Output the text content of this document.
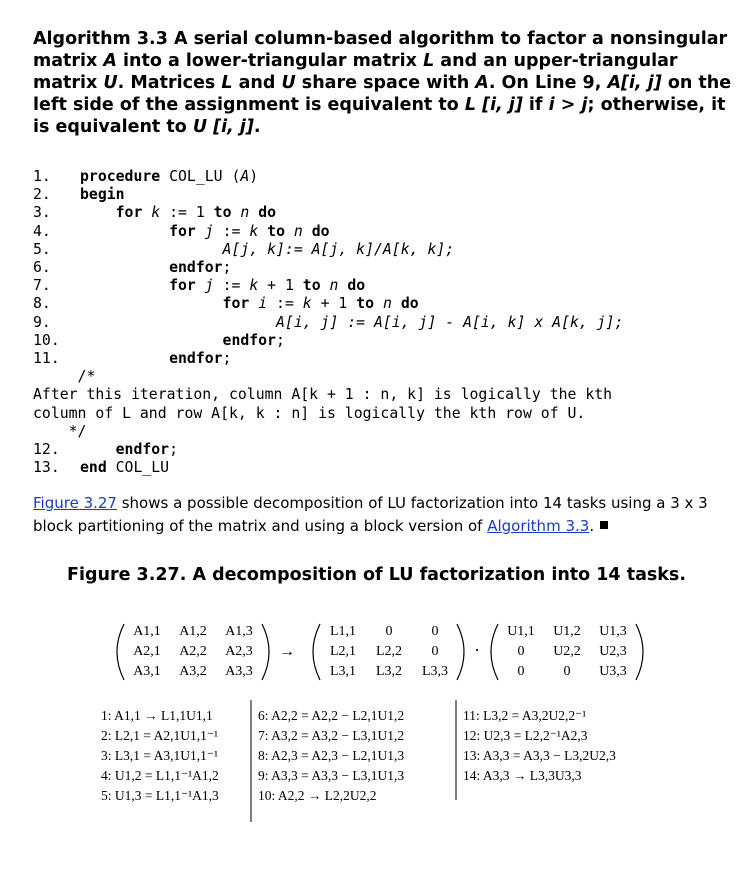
Algorithm 3.3 A serial column-based algorithm to factor a nonsingular matrix A into a lower-triangular matrix L and an upper-triangular matrix U. Matrices L and U share space with A. On Line 9, A[i, j] on the left side of the assignment is equivalent to L [i, j] if i > j; otherwise, it is equivalent to U [i, j].
1. procedure COL_LU (A)
2. begin
3.	for k := 1 to n do
4.	for j := k to n do
5.	A[j, k]:= A[j, k]/A[k, k];
6.	endfor;
7.	for j := k + 1 to n do
8.	for i := k + 1 to n do
9.	A[i, j] := A[i, j] - A[i, k] x A[k, j];
10.	endfor;
11.	endfor;
/*
After this iteration, column A[k + 1 : n, k] is logically the kth
column of L and row A[k, k : n] is logically the kth row of U.
*/
12.	endfor;
13. end COL_LU
Figure 3.27 shows a possible decomposition of LU factorization into 14 tasks using a 3 x 3 block partitioning of the matrix and using a block version of Algorithm 3.3.
Figure 3.27. A decomposition of LU factorization into 14 tasks.
A1,1 A1,2 A1,3
A2,1 A2,2 A2,3
A3,1 A3,2 A3,3
L1,1 0	0
L2,1 L2,2 0
L3,1 L3,2 L3,3
U1,1 U1,2 U1,3
0 U2,2 U2,3
0	0 U3,3
→	·
1: A1,1 → L1,1U1,1
2: L2,1 = A2,1U1,1⁻¹
3: L3,1 = A3,1U1,1⁻¹
4: U1,2 = L1,1⁻¹A1,2
5: U1,3 = L1,1⁻¹A1,3
6: A2,2 = A2,2 − L2,1U1,2
7: A3,2 = A3,2 − L3,1U1,2
8: A2,3 = A2,3 − L2,1U1,3
9: A3,3 = A3,3 − L3,1U1,3
10: A2,2 → L2,2U2,2
11: L3,2 = A3,2U2,2⁻¹
12: U2,3 = L2,2⁻¹A2,3
13: A3,3 = A3,3 − L3,2U2,3
14: A3,3 → L3,3U3,3
